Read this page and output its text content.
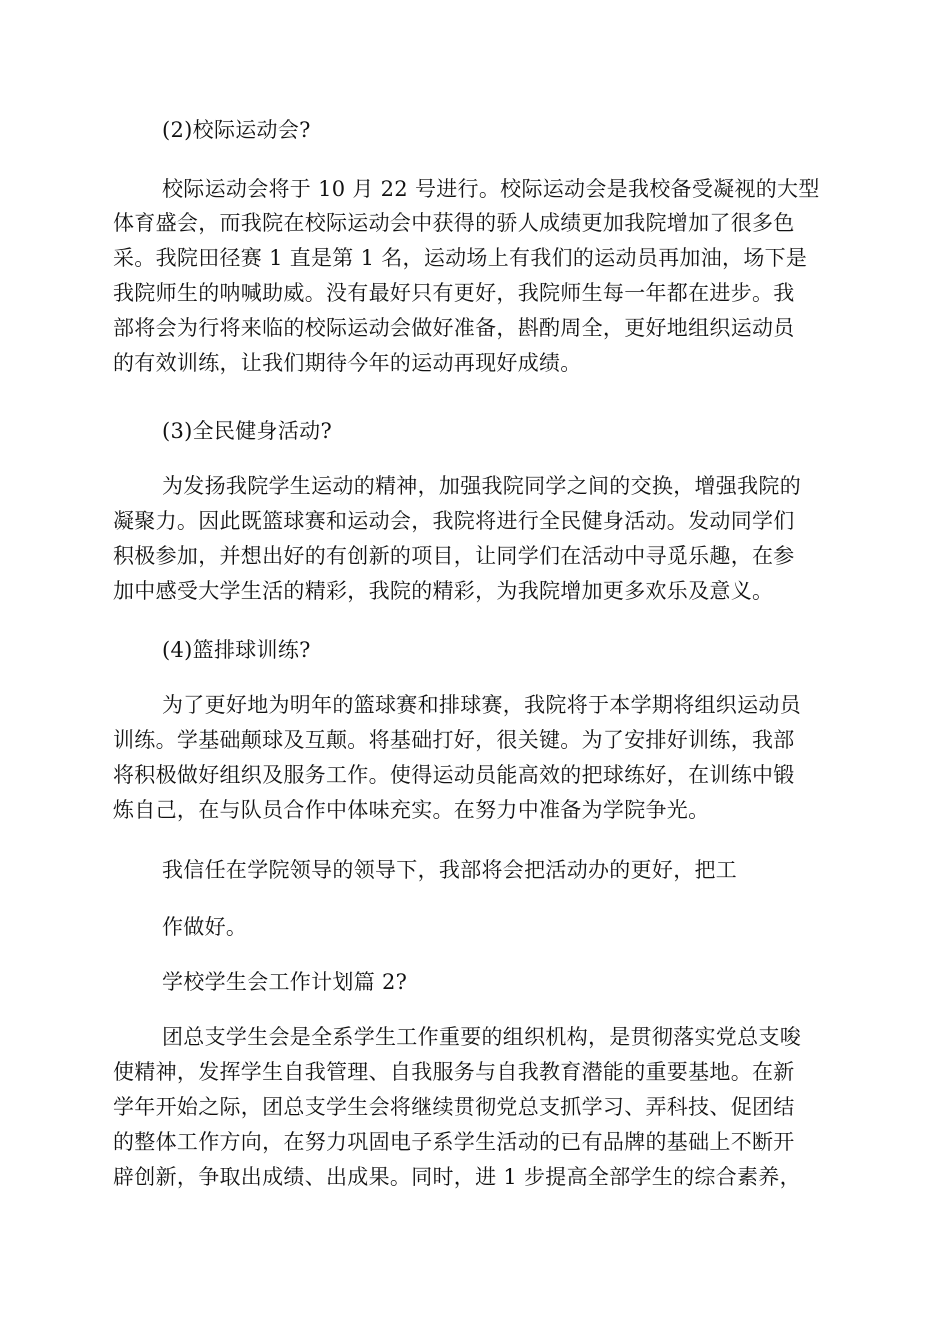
(2)校际运动会?
校际运动会将于 10 月 22 号进行。校际运动会是我校备受凝视的大型
体育盛会，而我院在校际运动会中获得的骄人成绩更加我院增加了很多色
采。我院田径赛 1 直是第 1 名，运动场上有我们的运动员再加油，场下是
我院师生的呐喊助威。没有最好只有更好，我院师生每一年都在进步。我
部将会为行将来临的校际运动会做好准备，斟酌周全，更好地组织运动员
的有效训练，让我们期待今年的运动再现好成绩。
(3)全民健身活动?
为发扬我院学生运动的精神，加强我院同学之间的交换，增强我院的
凝聚力。因此既篮球赛和运动会，我院将进行全民健身活动。发动同学们
积极参加，并想出好的有创新的项目，让同学们在活动中寻觅乐趣，在参
加中感受大学生活的精彩，我院的精彩，为我院增加更多欢乐及意义。
(4)篮排球训练?
为了更好地为明年的篮球赛和排球赛，我院将于本学期将组织运动员
训练。学基础颠球及互颠。将基础打好，很关键。为了安排好训练，我部
将积极做好组织及服务工作。使得运动员能高效的把球练好，在训练中锻
炼自己，在与队员合作中体味充实。在努力中准备为学院争光。
我信任在学院领导的领导下，我部将会把活动办的更好，把工
作做好。
学校学生会工作计划篇 2?
团总支学生会是全系学生工作重要的组织机构，是贯彻落实党总支唆
使精神，发挥学生自我管理、自我服务与自我教育潜能的重要基地。在新
学年开始之际，团总支学生会将继续贯彻党总支抓学习、弄科技、促团结
的整体工作方向，在努力巩固电子系学生活动的已有品牌的基础上不断开
辟创新，争取出成绩、出成果。同时，进 1 步提高全部学生的综合素养，
